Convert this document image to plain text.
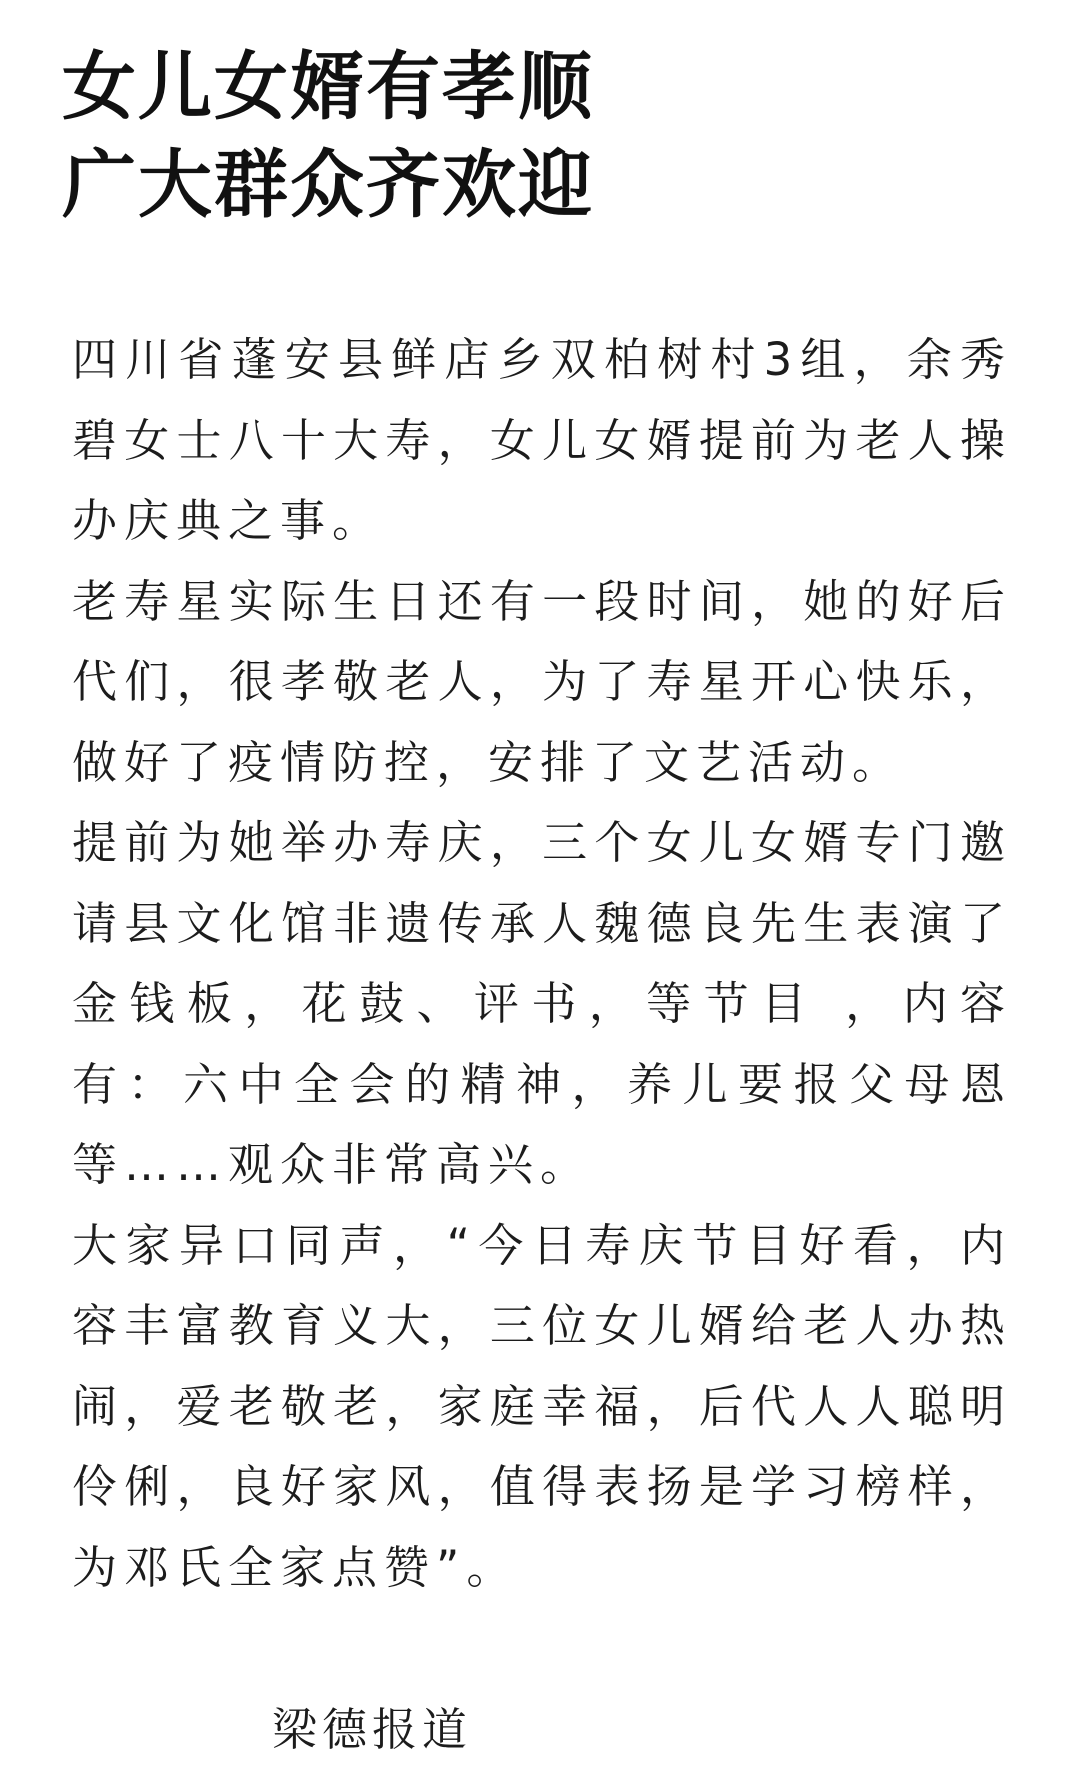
女儿女婿有孝顺
广大群众齐欢迎

四川省蓬安县鲜店乡双柏树村3组，余秀碧女士八十大寿，女儿女婿提前为老人操办庆典之事。

老寿星实际生日还有一段时间，她的好后代们，很孝敬老人，为了寿星开心快乐，做好了疫情防控，安排了文艺活动。

提前为她举办寿庆，三个女儿女婿专门邀请县文化馆非遗传承人魏德良先生表演了金钱板，花鼓、评书，等节目 ，内容有：六中全会的精神，养儿要报父母恩等……观众非常高兴。

大家异口同声，“今日寿庆节目好看，内容丰富教育义大，三位女儿婿给老人办热闹，爱老敬老，家庭幸福，后代人人聪明伶俐，良好家风，值得表扬是学习榜样，为邓氏全家点赞”。

梁德报道
